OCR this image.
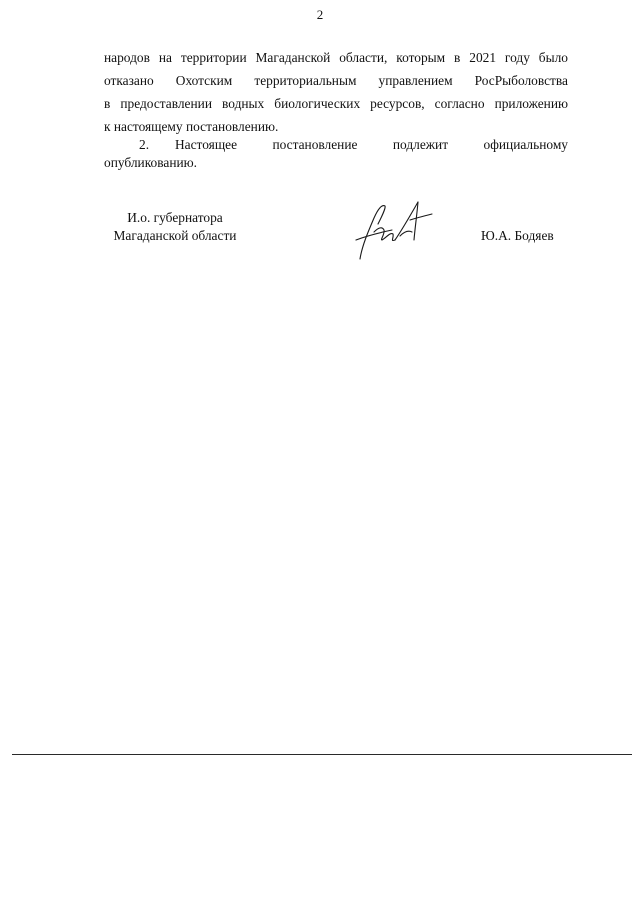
2
народов на территории Магаданской области, которым в 2021 году было
отказано Охотским территориальным управлением РосРыболовства
в предоставлении водных биологических ресурсов, согласно приложению
к настоящему постановлению.
2. Настоящее	постановление	подлежит	официальному
опубликованию.
И.о. губернатора
Магаданской области	Ю.А. Бодяев
